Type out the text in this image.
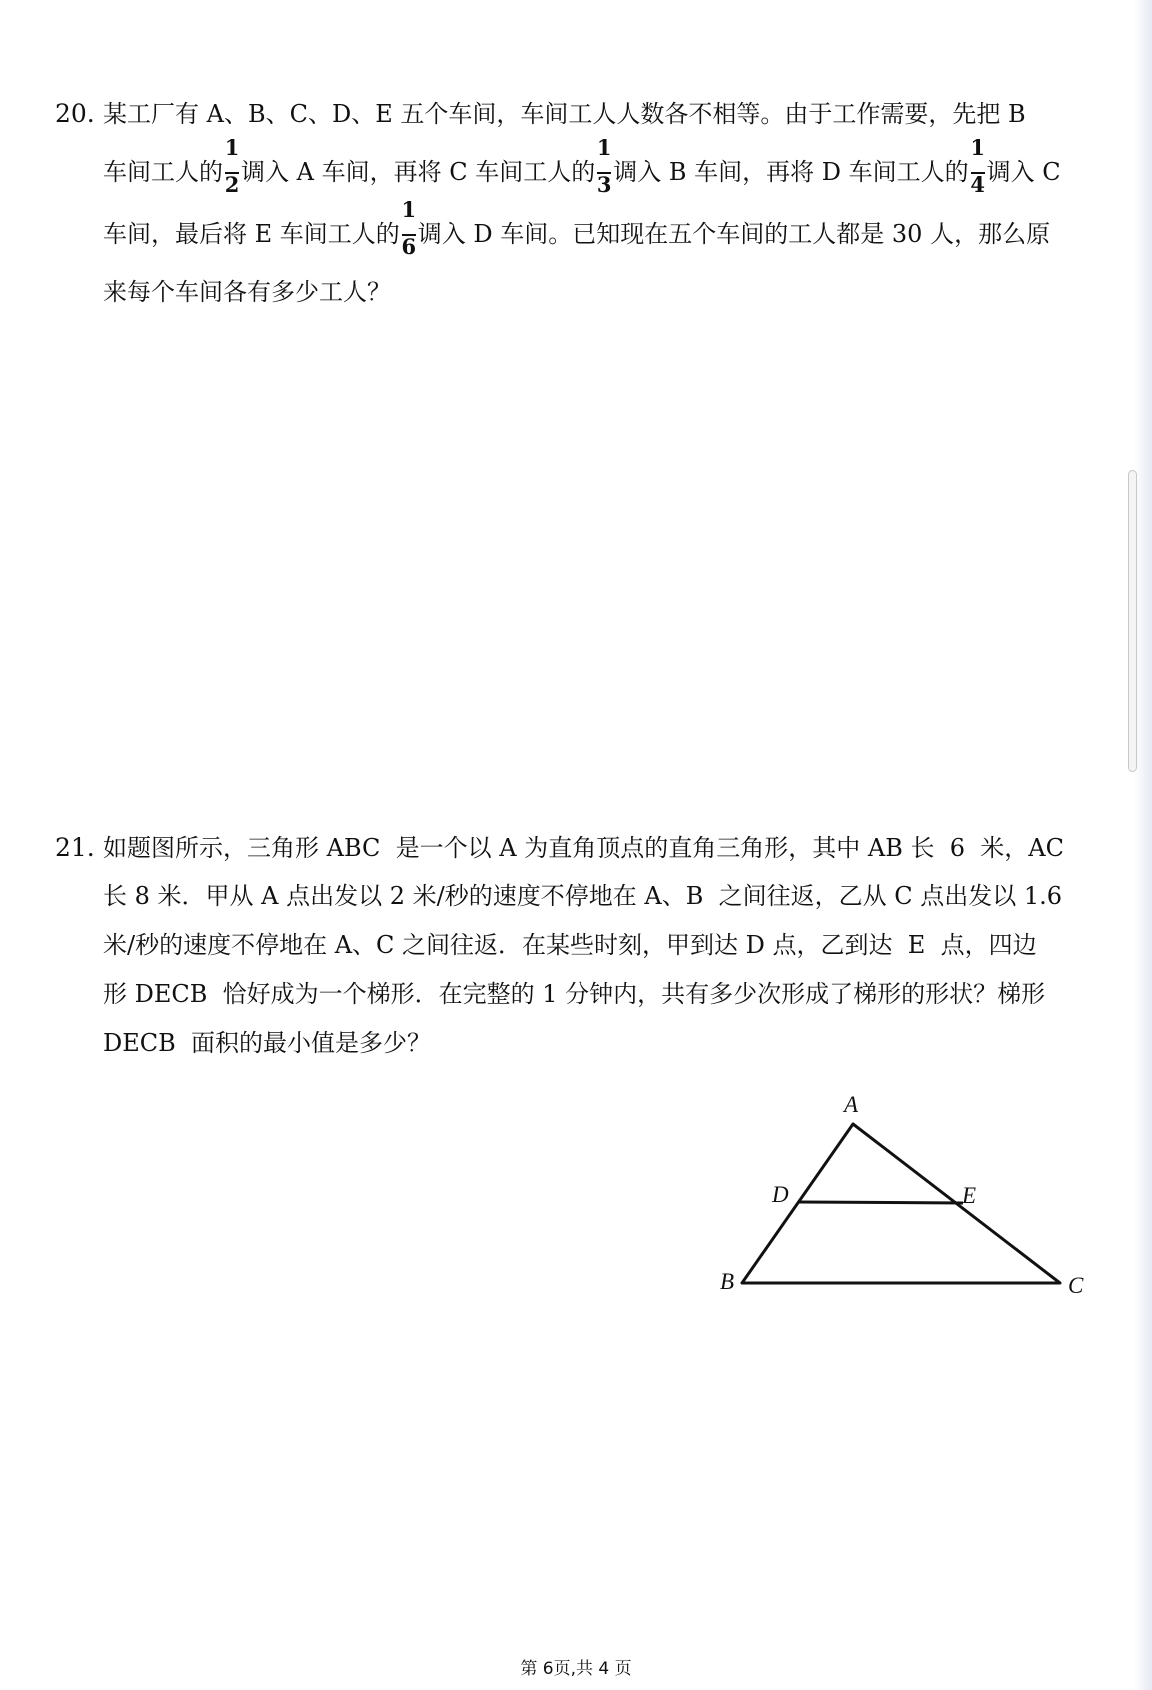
20. 某工厂有 A、B、C、D、E 五个车间，车间工人人数各不相等。由于工作需要，先把 B
车间工人的 $\frac{1}{2}$ 调入 A 车间，再将 C 车间工人的 $\frac{1}{3}$ 调入 B 车间，再将 D 车间工人的 $\frac{1}{4}$ 调入 C
车间，最后将 E 车间工人的 $\frac{1}{6}$ 调入 D 车间。已知现在五个车间的工人都是 30 人，那么原
来每个车间各有多少工人？
21. 如题图所示，三角形 ABC  是一个以 A 为直角顶点的直角三角形，其中 AB 长  6  米，AC
长 8 米．甲从 A 点出发以 2 米/秒的速度不停地在 A、B  之间往返，乙从 C 点出发以 1.6
米/秒的速度不停地在 A、C 之间往返．在某些时刻，甲到达 D 点，乙到达  E  点，四边
形 DECB  恰好成为一个梯形．在完整的 1 分钟内，共有多少次形成了梯形的形状？梯形
DECB  面积的最小值是多少？
A
B	C
D	E
第 6页,共 4 页
